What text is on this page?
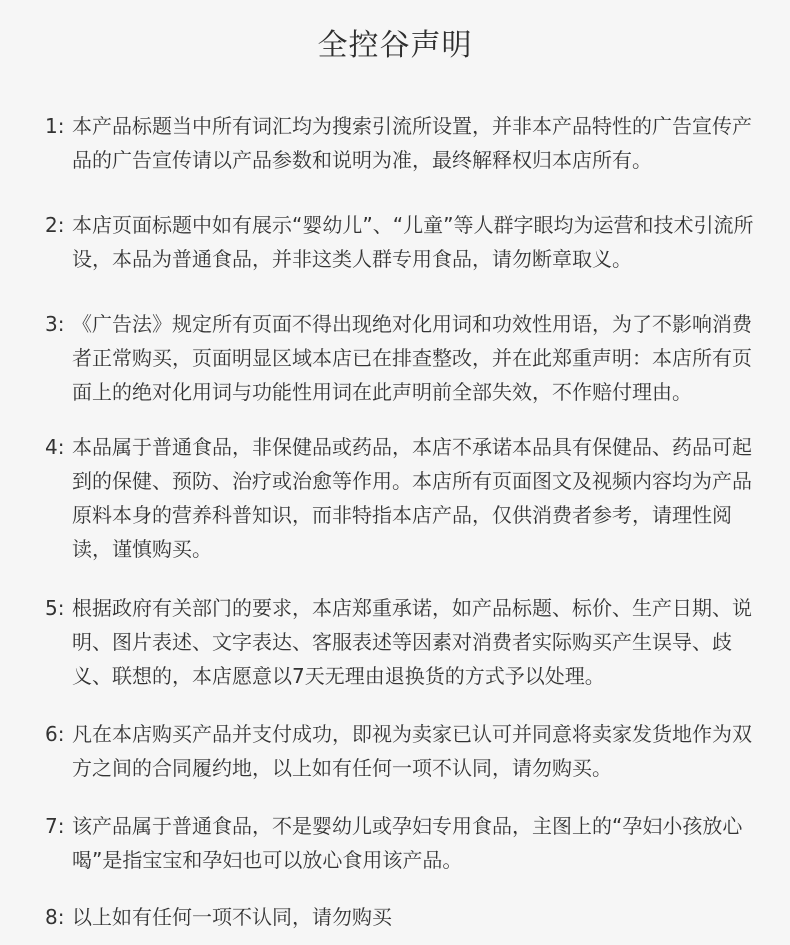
全控谷声明
1: 本产品标题当中所有词汇均为搜索引流所设置，并非本产品特性的广告宣传产品的广告宣传请以产品参数和说明为准，最终解释权归本店所有。
2: 本店页面标题中如有展示“婴幼儿”、“儿童”等人群字眼均为运营和技术引流所设，本品为普通食品，并非这类人群专用食品，请勿断章取义。
3: 《广告法》规定所有页面不得出现绝对化用词和功效性用语，为了不影响消费者正常购买，页面明显区域本店已在排查整改，并在此郑重声明：本店所有页面上的绝对化用词与功能性用词在此声明前全部失效，不作赔付理由。
4: 本品属于普通食品，非保健品或药品，本店不承诺本品具有保健品、药品可起到的保健、预防、治疗或治愈等作用。本店所有页面图文及视频内容均为产品原料本身的营养科普知识，而非特指本店产品，仅供消费者参考，请理性阅读，谨慎购买。
5: 根据政府有关部门的要求，本店郑重承诺，如产品标题、标价、生产日期、说明、图片表述、文字表达、客服表述等因素对消费者实际购买产生误导、歧义、联想的，本店愿意以7天无理由退换货的方式予以处理。
6: 凡在本店购买产品并支付成功，即视为卖家已认可并同意将卖家发货地作为双方之间的合同履约地，以上如有任何一项不认同，请勿购买。
7: 该产品属于普通食品，不是婴幼儿或孕妇专用食品，主图上的“孕妇小孩放心喝”是指宝宝和孕妇也可以放心食用该产品。
8: 以上如有任何一项不认同，请勿购买
